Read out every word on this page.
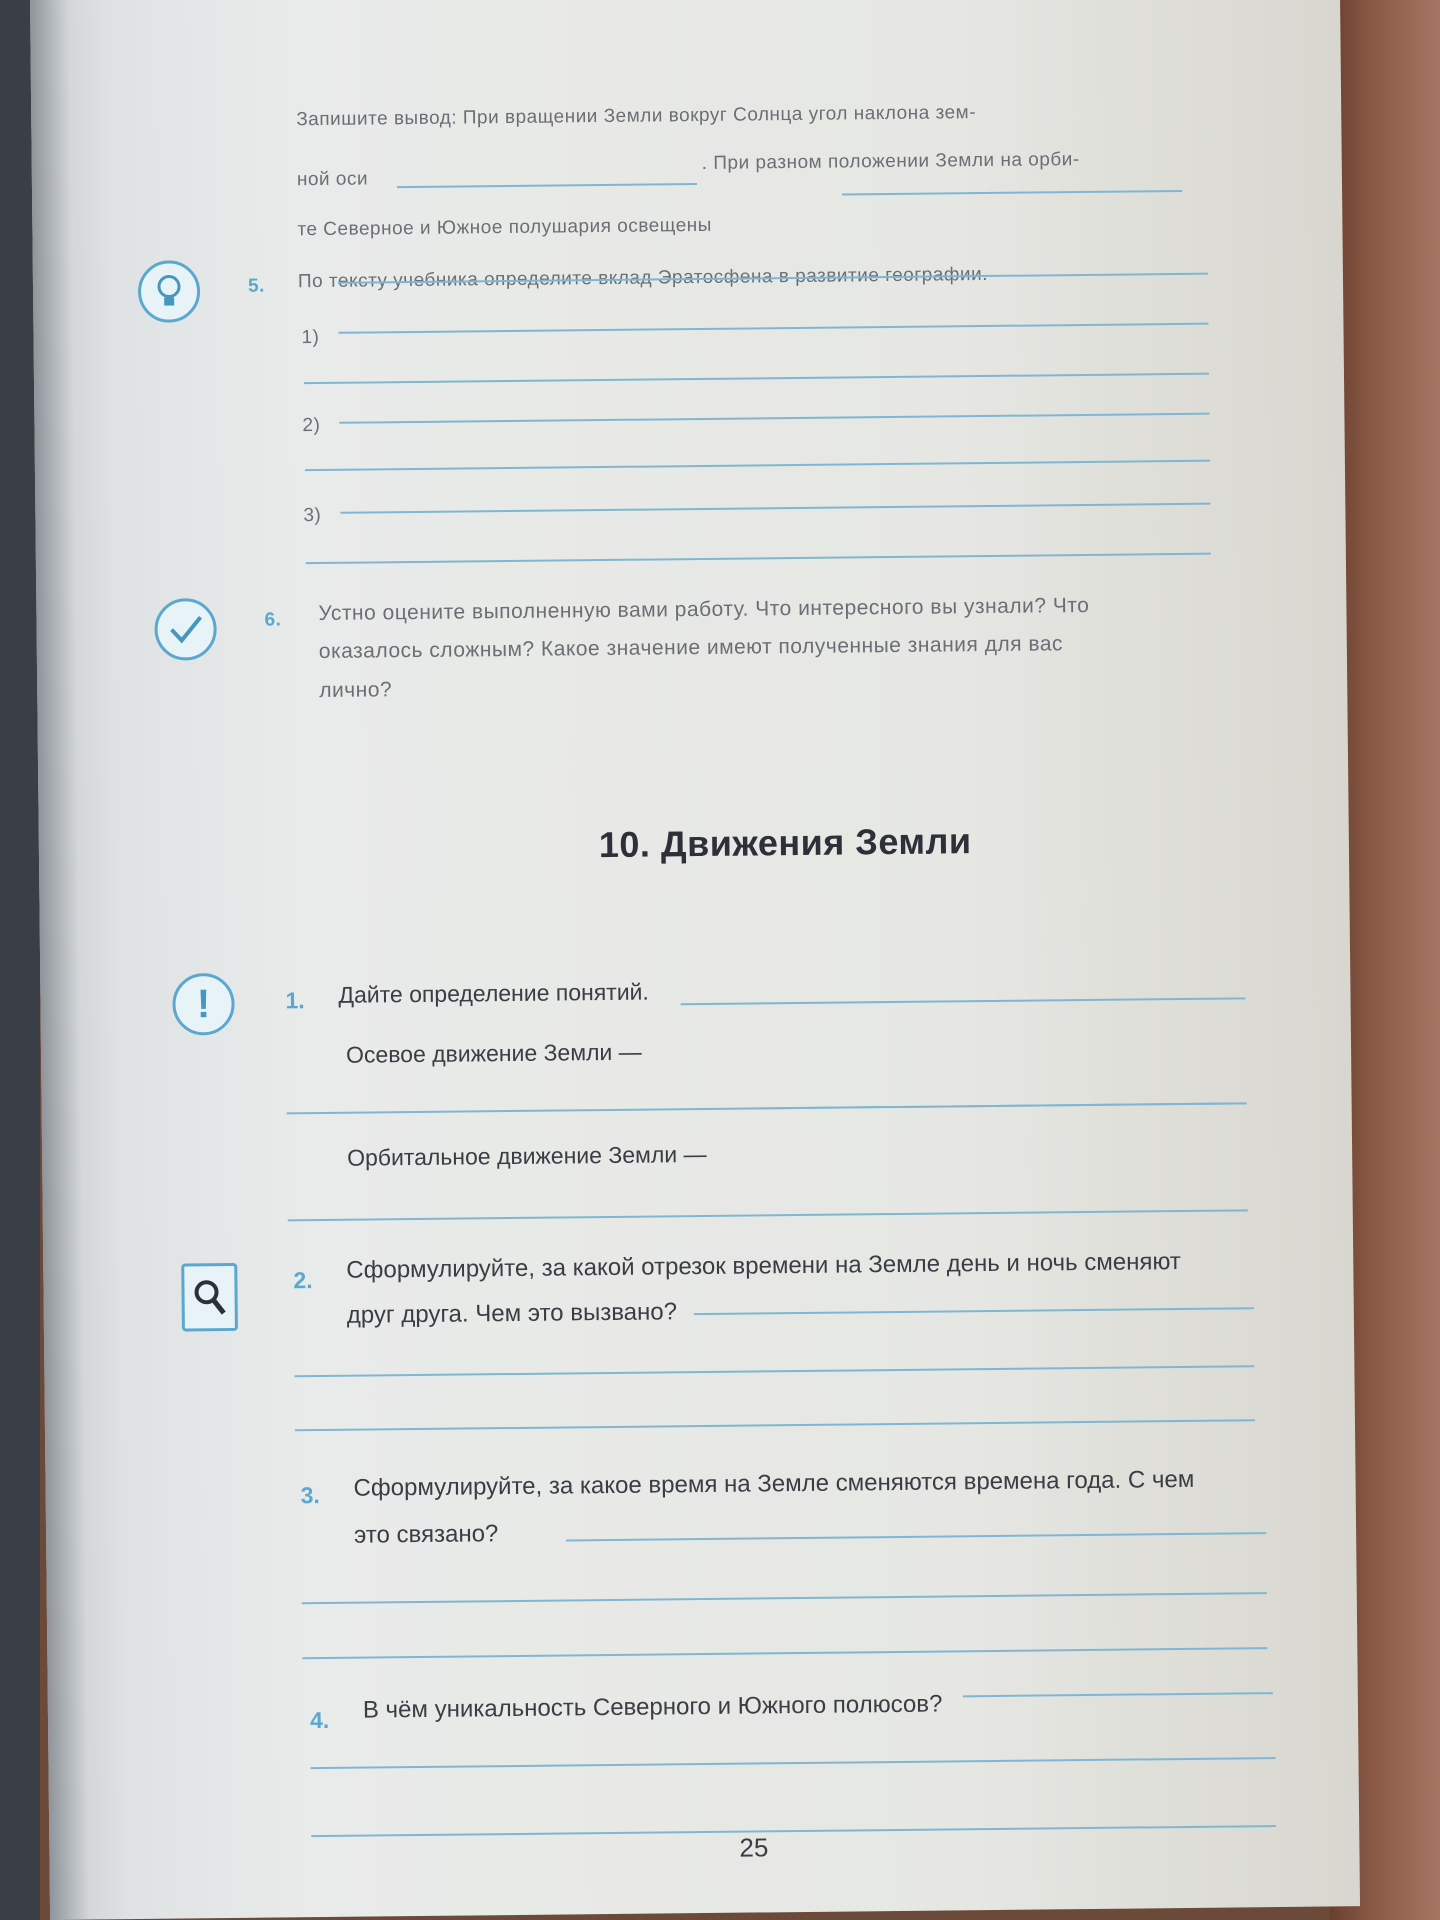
Запишите вывод: При вращении Земли вокруг Солнца угол наклона зем-
ной оси
. При разном положении Земли на орби-
те Северное и Южное полушария освещены
5. По тексту учебника определите вклад Эратосфена в развитие географии.
1)
2)
3)
6. Устно оцените выполненную вами работу. Что интересного вы узнали? Что
оказалось сложным? Какое значение имеют полученные знания для вас
лично?
10. Движения Земли
!	1. Дайте определение понятий.
Осевое движение Земли —
Орбитальное движение Земли —
2. Сформулируйте, за какой отрезок времени на Земле день и ночь сменяют
друг друга. Чем это вызвано?
3. Сформулируйте, за какое время на Земле сменяются времена года. С чем
это связано?
4. В чём уникальность Северного и Южного полюсов?
25
